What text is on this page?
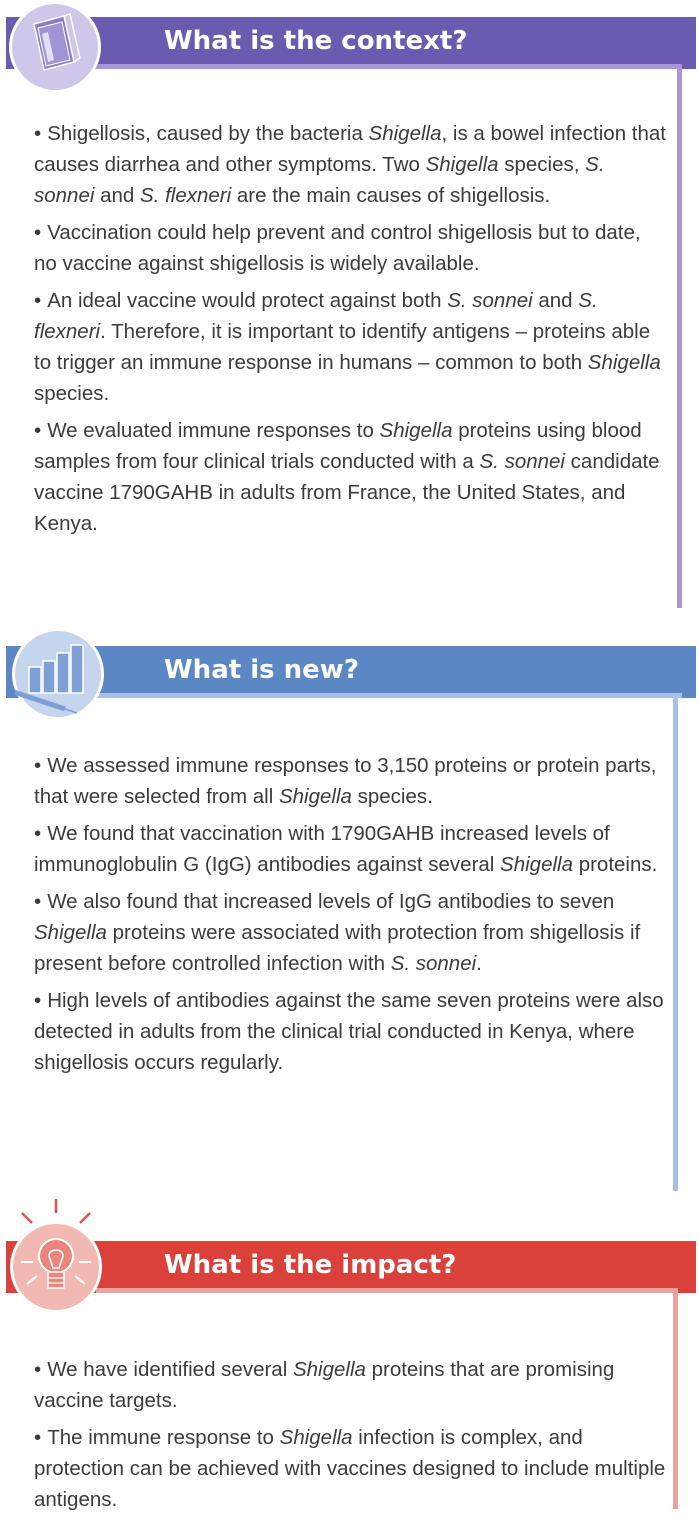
What is the context?
• Shigellosis, caused by the bacteria Shigella, is a bowel infection that causes diarrhea and other symptoms. Two Shigella species, S. sonnei and S. flexneri are the main causes of shigellosis.
• Vaccination could help prevent and control shigellosis but to date, no vaccine against shigellosis is widely available.
• An ideal vaccine would protect against both S. sonnei and S. flexneri. Therefore, it is important to identify antigens – proteins able to trigger an immune response in humans – common to both Shigella species.
• We evaluated immune responses to Shigella proteins using blood samples from four clinical trials conducted with a S. sonnei candidate vaccine 1790GAHB in adults from France, the United States, and Kenya.
What is new?
• We assessed immune responses to 3,150 proteins or protein parts, that were selected from all Shigella species.
• We found that vaccination with 1790GAHB increased levels of immunoglobulin G (IgG) antibodies against several Shigella proteins.
• We also found that increased levels of IgG antibodies to seven Shigella proteins were associated with protection from shigellosis if present before controlled infection with S. sonnei.
• High levels of antibodies against the same seven proteins were also detected in adults from the clinical trial conducted in Kenya, where shigellosis occurs regularly.
What is the impact?
• We have identified several Shigella proteins that are promising vaccine targets.
• The immune response to Shigella infection is complex, and protection can be achieved with vaccines designed to include multiple antigens.
